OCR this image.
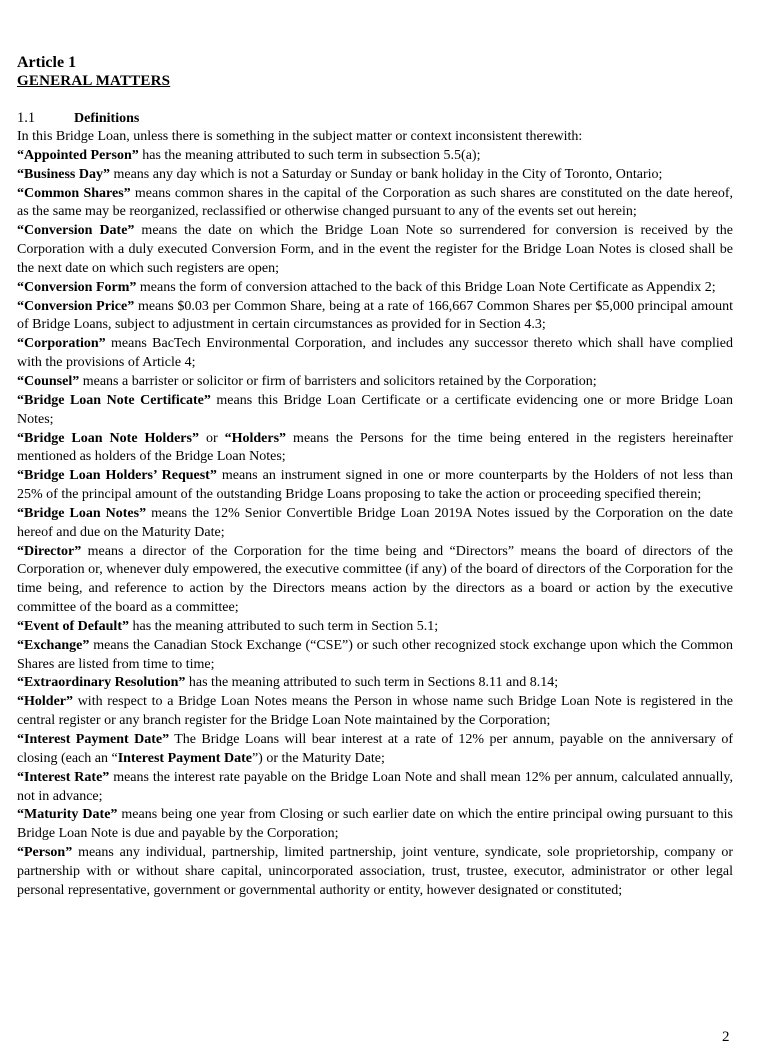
Article 1
GENERAL MATTERS
1.1	Definitions

In this Bridge Loan, unless there is something in the subject matter or context inconsistent therewith:

“Appointed Person” has the meaning attributed to such term in subsection 5.5(a);

“Business Day” means any day which is not a Saturday or Sunday or bank holiday in the City of Toronto, Ontario;

“Common Shares” means common shares in the capital of the Corporation as such shares are constituted on the date hereof, as the same may be reorganized, reclassified or otherwise changed pursuant to any of the events set out herein;

“Conversion Date” means the date on which the Bridge Loan Note so surrendered for conversion is received by the Corporation with a duly executed Conversion Form, and in the event the register for the Bridge Loan Notes is closed shall be the next date on which such registers are open;

“Conversion Form” means the form of conversion attached to the back of this Bridge Loan Note Certificate as Appendix 2;

“Conversion Price” means $0.03 per Common Share, being at a rate of 166,667 Common Shares per $5,000 principal amount of Bridge Loans, subject to adjustment in certain circumstances as provided for in Section 4.3;

“Corporation” means BacTech Environmental Corporation, and includes any successor thereto which shall have complied with the provisions of Article 4;

“Counsel” means a barrister or solicitor or firm of barristers and solicitors retained by the Corporation;

“Bridge Loan Note Certificate” means this Bridge Loan Certificate or a certificate evidencing one or more Bridge Loan Notes;

“Bridge Loan Note Holders” or “Holders” means the Persons for the time being entered in the registers hereinafter mentioned as holders of the Bridge Loan Notes;

“Bridge Loan Holders’ Request” means an instrument signed in one or more counterparts by the Holders of not less than 25% of the principal amount of the outstanding Bridge Loans proposing to take the action or proceeding specified therein;

“Bridge Loan Notes” means the 12% Senior Convertible Bridge Loan 2019A Notes issued by the Corporation on the date hereof and due on the Maturity Date;

“Director” means a director of the Corporation for the time being and “Directors” means the board of directors of the Corporation or, whenever duly empowered, the executive committee (if any) of the board of directors of the Corporation for the time being, and reference to action by the Directors means action by the directors as a board or action by the executive committee of the board as a committee;

“Event of Default” has the meaning attributed to such term in Section 5.1;

“Exchange” means the Canadian Stock Exchange (“CSE”) or such other recognized stock exchange upon which the Common Shares are listed from time to time;

“Extraordinary Resolution” has the meaning attributed to such term in Sections 8.11 and 8.14;

“Holder” with respect to a Bridge Loan Notes means the Person in whose name such Bridge Loan Note is registered in the central register or any branch register for the Bridge Loan Note maintained by the Corporation;

“Interest Payment Date” The Bridge Loans will bear interest at a rate of 12% per annum, payable on the anniversary of closing (each an “Interest Payment Date”) or the Maturity Date;

“Interest Rate” means the interest rate payable on the Bridge Loan Note and shall mean 12% per annum, calculated annually, not in advance;

“Maturity Date” means being one year from Closing or such earlier date on which the entire principal owing pursuant to this Bridge Loan Note is due and payable by the Corporation;

“Person” means any individual, partnership, limited partnership, joint venture, syndicate, sole proprietorship, company or partnership with or without share capital, unincorporated association, trust, trustee, executor, administrator or other legal personal representative, government or governmental authority or entity, however designated or constituted;

2
